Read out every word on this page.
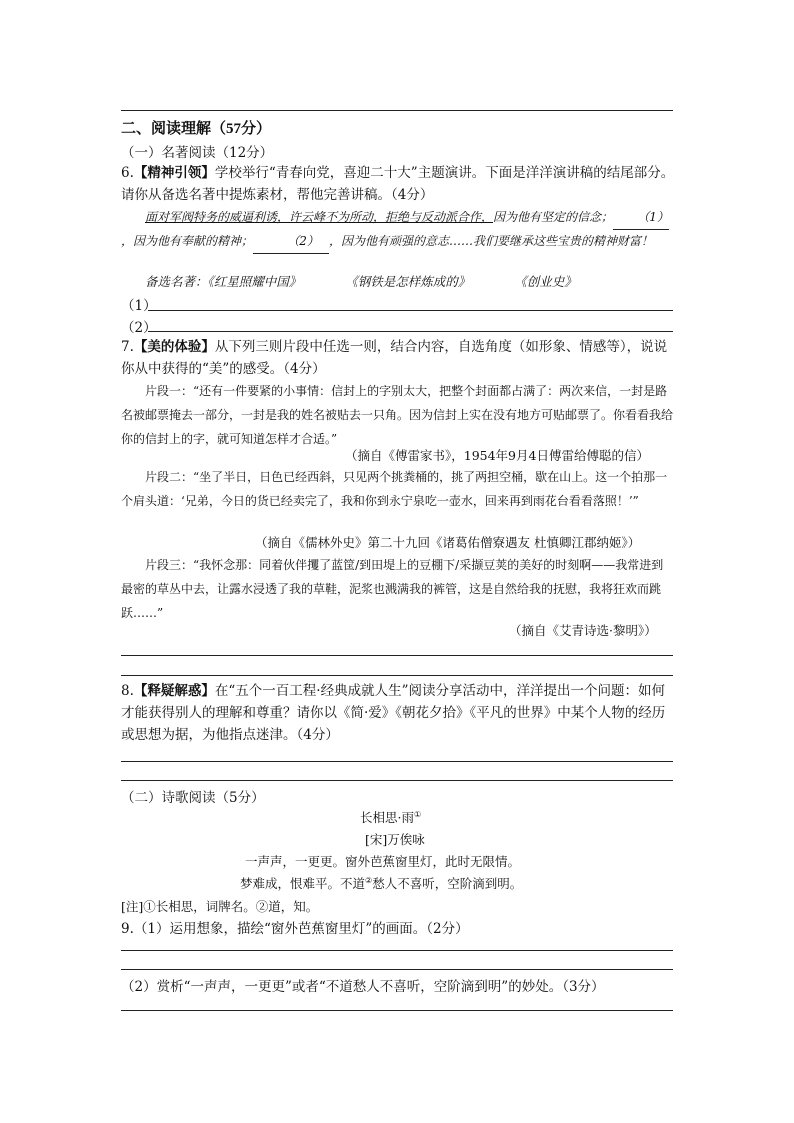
二、阅读理解（57分）
（一）名著阅读（12分）
6.【精神引领】学校举行“青春向党，喜迎二十大”主题演讲。下面是洋洋演讲稿的结尾部分。请你从备选名著中提炼素材，帮他完善讲稿。（4分）
面对军阀特务的威逼利诱，许云峰不为所动，拒绝与反动派合作，因为他有坚定的信念； （1），因为他有奉献的精神；	（2） ，因为他有顽强的意志……我们要继承这些宝贵的精神财富！
备选名著：《红星照耀中国》	《钢铁是怎样炼成的》	《创业史》
（1）
（2）
7.【美的体验】从下列三则片段中任选一则，结合内容，自选角度（如形象、情感等），说说你从中获得的“美”的感受。（4分）
片段一：“还有一件要紧的小事情：信封上的字别太大，把整个封面都占满了：两次来信，一封是路名被邮票掩去一部分，一封是我的姓名被贴去一只角。因为信封上实在没有地方可贴邮票了。你看看我给你的信封上的字，就可知道怎样才合适。”
（摘自《傅雷家书》，1954年9月4日傅雷给傅聪的信）
片段二：“坐了半日，日色已经西斜，只见两个挑粪桶的，挑了两担空桶，歇在山上。这一个拍那一个肩头道：‘兄弟，今日的货已经卖完了，我和你到永宁泉吃一壶水，回来再到雨花台看看落照！’”
（摘自《儒林外史》第二十九回《诸葛佑僧寮遇友 杜慎卿江郡纳姬》）
片段三：“我怀念那：同着伙伴攫了蓝筐/到田堤上的豆棚下/采撷豆荚的美好的时刻啊——我常进到最密的草丛中去，让露水浸透了我的草鞋，泥浆也溅满我的裤管，这是自然给我的抚慰，我将狂欢而跳跃……”
（摘自《艾青诗选·黎明》）
8.【释疑解惑】在“五个一百工程·经典成就人生”阅读分享活动中，洋洋提出一个问题：如何才能获得别人的理解和尊重？请你以《简·爱》《朝花夕拾》《平凡的世界》中某个人物的经历或思想为据，为他指点迷津。（4分）
（二）诗歌阅读（5分）
长相思·雨①
[宋]万俟咏
一声声，一更更。窗外芭蕉窗里灯，此时无限情。
梦难成，恨难平。不道②愁人不喜听，空阶滴到明。
[注]①长相思，词牌名。②道，知。
9.（1）运用想象，描绘“窗外芭蕉窗里灯”的画面。（2分）
（2）赏析“一声声，一更更”或者“不道愁人不喜听，空阶滴到明”的妙处。（3分）
